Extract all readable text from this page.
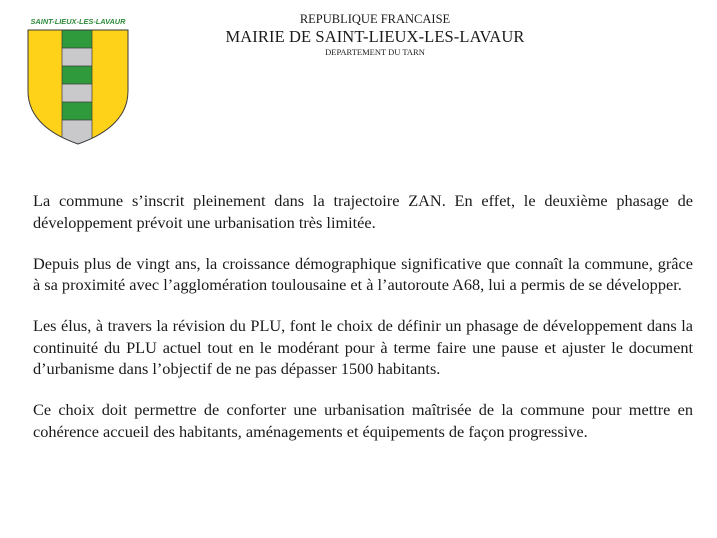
SAINT-LIEUX-LES-LAVAUR	REPUBLIQUE FRANCAISE
MAIRIE DE SAINT-LIEUX-LES-LAVAUR
DEPARTEMENT DU TARN

La commune s’inscrit pleinement dans la trajectoire ZAN. En effet, le deuxième phasage de développement prévoit une urbanisation très limitée.

Depuis plus de vingt ans, la croissance démographique significative que connaît la commune, grâce à sa proximité avec l’agglomération toulousaine et à l’autoroute A68, lui a permis de se développer.

Les élus, à travers la révision du PLU, font le choix de définir un phasage de développement dans la continuité du PLU actuel tout en le modérant pour à terme faire une pause et ajuster le document d’urbanisme dans l’objectif de ne pas dépasser 1500 habitants.

Ce choix doit permettre de conforter une urbanisation maîtrisée de la commune pour mettre en cohérence accueil des habitants, aménagements et équipements de façon progressive.
